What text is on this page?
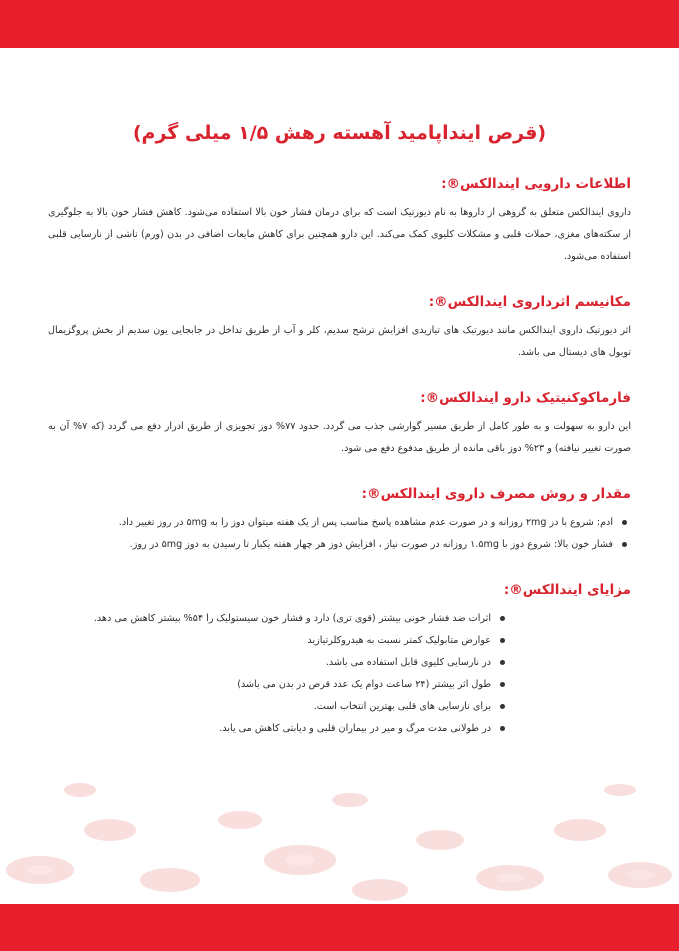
(قرص اینداپامید آهسته رهش ۱/۵ میلی گرم)
اطلاعات دارویی ایندالکس®:

داروی ایندالکس متعلق به گروهی از داروها به نام دیورتیک است که برای درمان فشار خون بالا استفاده می‌شود. کاهش فشار خون بالا به جلوگیری از سکته‌های مغزی، حملات قلبی و مشکلات کلیوی کمک می‌کند. این دارو همچنین برای کاهش مایعات اضافی در بدن (ورم) ناشی از نارسایی قلبی استفاده می‌شود.

مکانیسم اثرداروی ایندالکس®:

اثر دیورتیک داروی ایندالکس مانند دیورتیک های تیازیدی افزایش ترشح سدیم، کلر و آب از طریق تداخل در جابجایی یون سدیم از بخش پروگزیمال توبول های دیستال می باشد.

فارماکوکنیتیک دارو ایندالکس®:

این دارو به سهولت و به طور کامل از طریق مسیر گوارشی جذب می گردد. حدود ۷۷% دوز تجویزی از طریق ادرار دفع می گردد (که ۷% آن به صورت تغییر نیافته) و ۲۳% دوز باقی مانده از طریق مدفوع دفع می شود.

مقدار و روش مصرف داروی ایندالکس®:
ادم: شروع با دز ۲mg روزانه و در صورت عدم مشاهده پاسخ مناسب پس از یک هفته میتوان دوز را به ۵mg در روز تغییر داد.
فشار خون بالا: شروع دوز با ۱.۵mg روزانه در صورت نیاز ، افزایش دوز هر چهار هفته یکبار تا رسیدن به دوز ۵mg در روز.
مزایای ایندالکس®:
اثرات ضد فشار خونی بیشتر (قوی تری) دارد و فشار خون سیستولیک را ۵۴% بیشتر کاهش می دهد.
عوارض متابولیک کمتر نسبت به هیدروکلرتیازید
در نارسایی کلیوی قابل استفاده می باشد.
طول اثر بیشتر (۲۴ ساعت دوام یک عدد قرص در بدن می باشد)
برای نارسایی های قلبی بهترین انتخاب است.
در طولانی مدت مرگ و میر در بیماران قلبی و دیابتی کاهش می یابد.
